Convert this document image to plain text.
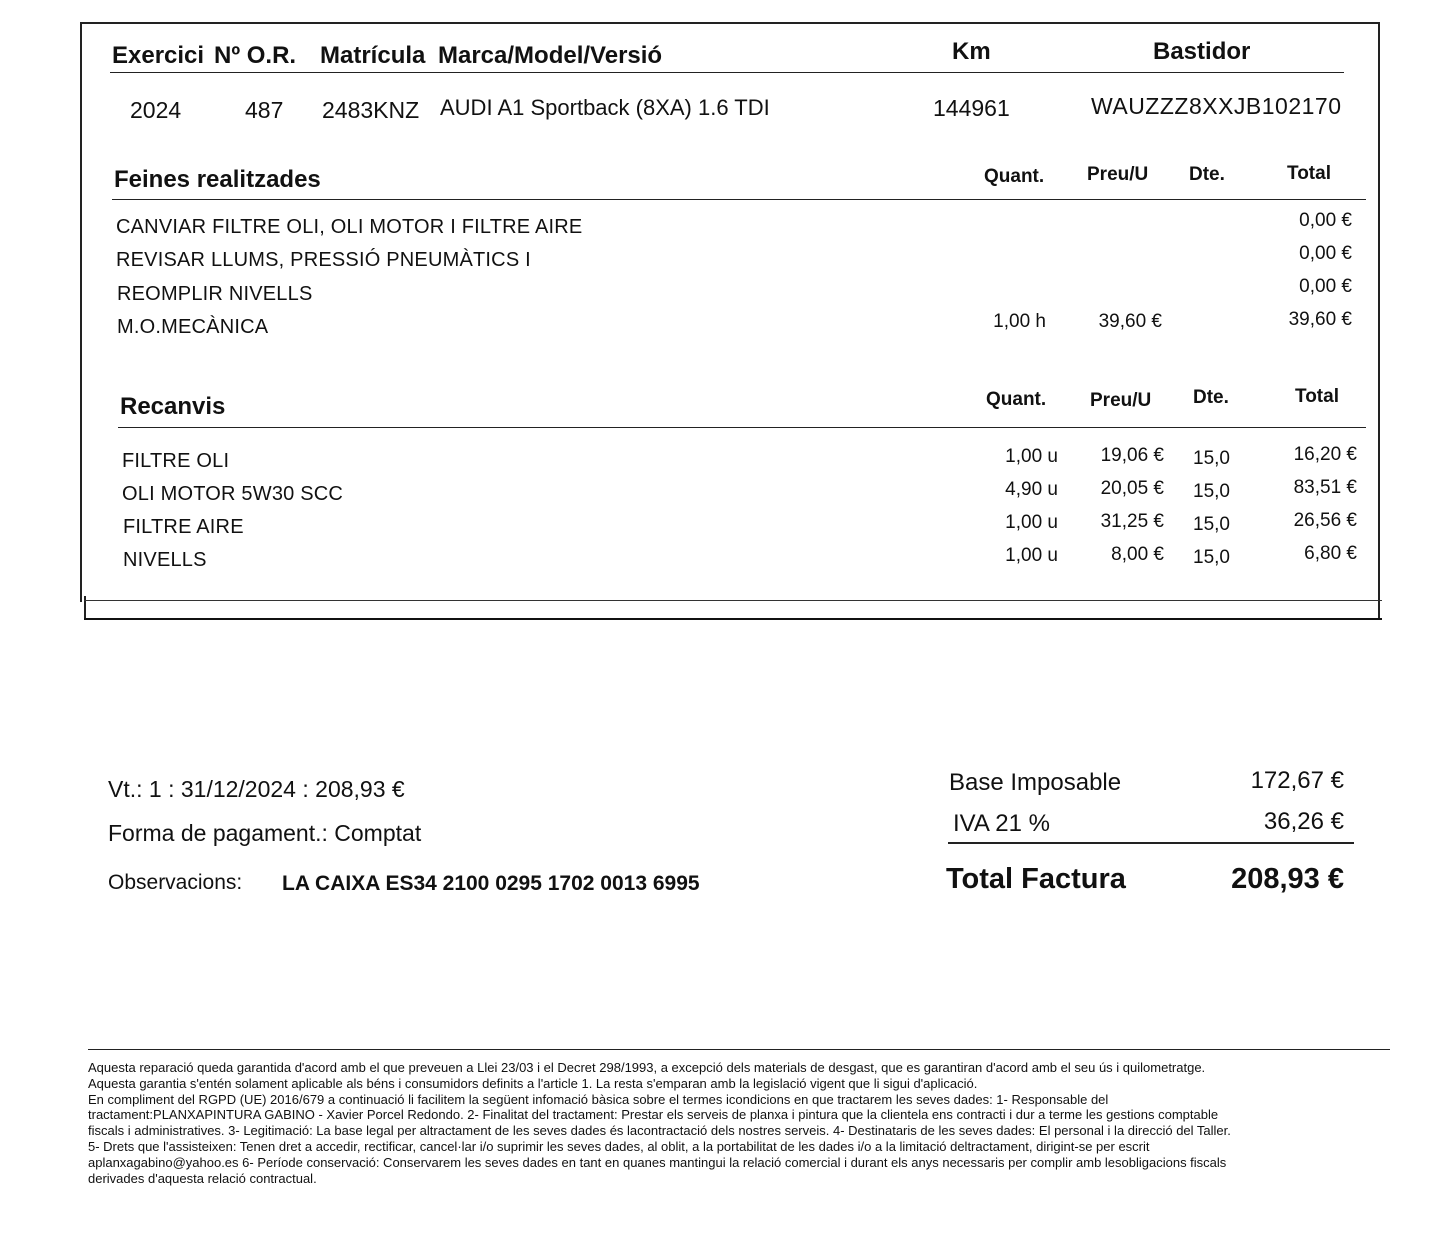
Exercici Nº O.R. Matrícula Marca/Model/Versió	Km	Bastidor
2024	487 2483KNZ AUDI A1 Sportback (8XA) 1.6 TDI	144961	WAUZZZ8XXJB102170
Feines realitzades	Quant. Preu/U Dte.	Total
CANVIAR FILTRE OLI, OLI MOTOR I FILTRE AIRE	0,00 €
REVISAR LLUMS, PRESSIÓ PNEUMÀTICS I	0,00 €
REOMPLIR NIVELLS	0,00 €
M.O.MECÀNICA	1,00 h	39,60 €	39,60 €
Recanvis	Quant. Preu/U Dte.	Total
FILTRE OLI	1,00 u	19,06 €	15,0	16,20 €
OLI MOTOR 5W30 SCC	4,90 u	20,05 €	15,0	83,51 €
FILTRE AIRE	1,00 u	31,25 €	15,0	26,56 €
NIVELLS	1,00 u	8,00 €	15,0	6,80 €
Vt.: 1 : 31/12/2024 : 208,93 €
Forma de pagament.: Comptat
Observacions: LA CAIXA ES34 2100 0295 1702 0013 6995
Base Imposable	172,67 €
IVA 21 %	36,26 €
Total Factura	208,93 €
Aquesta reparació queda garantida d'acord amb el que preveuen a Llei 23/03 i el Decret 298/1993, a excepció dels materials de desgast, que es garantiran d'acord amb el seu ús i quilometratge.
Aquesta garantia s'entén solament aplicable als béns i consumidors definits a l'article 1. La resta s'emparan amb la legislació vigent que li sigui d'aplicació.
En compliment del RGPD (UE) 2016/679 a continuació li facilitem la següent infomació bàsica sobre el termes icondicions en que tractarem les seves dades: 1- Responsable del
tractament:PLANXAPINTURA GABINO - Xavier Porcel Redondo. 2- Finalitat del tractament: Prestar els serveis de planxa i pintura que la clientela ens contracti i dur a terme les gestions comptable
fiscals i administratives. 3- Legitimació: La base legal per altractament de les seves dades és lacontractació dels nostres serveis. 4- Destinataris de les seves dades: El personal i la direcció del Taller.
5- Drets que l'assisteixen: Tenen dret a accedir, rectificar, cancel·lar i/o suprimir les seves dades, al oblit, a la portabilitat de les dades i/o a la limitació deltractament, dirigint-se per escrit
aplanxagabino@yahoo.es 6- Període conservació: Conservarem les seves dades en tant en quanes mantingui la relació comercial i durant els anys necessaris per complir amb lesobligacions fiscals
derivades d'aquesta relació contractual.
